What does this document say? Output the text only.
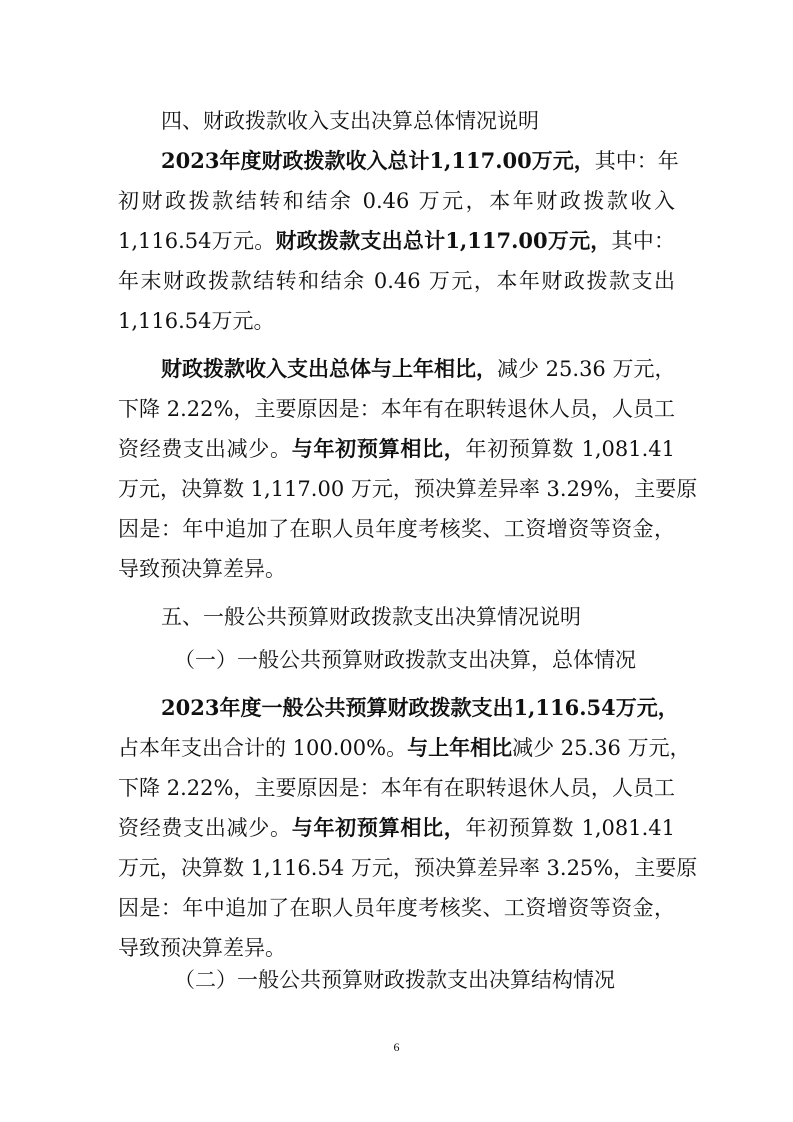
四、财政拨款收入支出决算总体情况说明
2023年度财政拨款收入总计1,117.00万元，其中：年
初财政拨款结转和结余 0.46 万元，本年财政拨款收入
1,116.54万元。财政拨款支出总计1,117.00万元，其中：
年末财政拨款结转和结余 0.46 万元，本年财政拨款支出
1,116.54万元。
财政拨款收入支出总体与上年相比，减少 25.36 万元，
下降 2.22%，主要原因是：本年有在职转退休人员，人员工
资经费支出减少。与年初预算相比，年初预算数 1,081.41
万元，决算数 1,117.00 万元，预决算差异率 3.29%，主要原
因是：年中追加了在职人员年度考核奖、工资增资等资金，
导致预决算差异。
五、一般公共预算财政拨款支出决算情况说明
（一）一般公共预算财政拨款支出决算，总体情况
2023年度一般公共预算财政拨款支出1,116.54万元，
占本年支出合计的 100.00%。与上年相比减少 25.36 万元，
下降 2.22%，主要原因是：本年有在职转退休人员，人员工
资经费支出减少。与年初预算相比，年初预算数 1,081.41
万元，决算数 1,116.54 万元，预决算差异率 3.25%，主要原
因是：年中追加了在职人员年度考核奖、工资增资等资金，
导致预决算差异。
（二）一般公共预算财政拨款支出决算结构情况
6
